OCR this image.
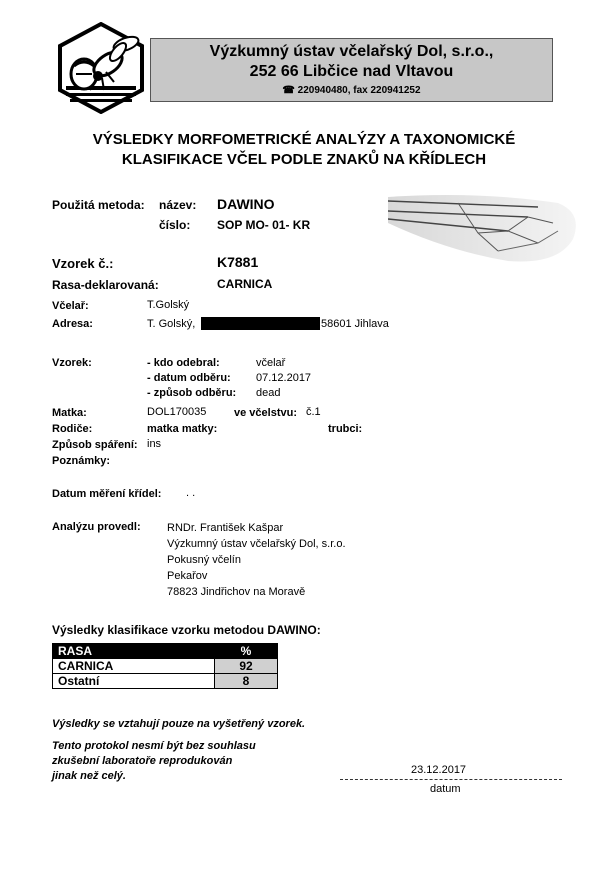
Výzkumný ústav včelařský Dol, s.r.o.,
252 66 Libčice nad Vltavou
☎ 220940480, fax 220941252
VÝSLEDKY MORFOMETRICKÉ ANALÝZY A TAXONOMICKÉ
KLASIFIKACE VČEL PODLE ZNAKŮ NA KŘÍDLECH
Použitá metoda: název: DAWINO
číslo: SOP MO- 01- KR
Vzorek č.:	K7881
Rasa-deklarovaná:	CARNICA
Včelař:	T.Golský
Adresa:	T. Golský,	58601 Jihlava
Vzorek:	- kdo odebral:	včelař
- datum odběru: 07.12.2017
- způsob odběru: dead
Matka:	DOL170035	ve včelstvu: č.1
Rodiče:	matka matky:	trubci:
Způsob spáření: ins
Poznámky:
Datum měření křídel: . .
Analýzu provedl: RNDr. František Kašpar
Výzkumný ústav včelařský Dol, s.r.o.
Pokusný včelín
Pekařov
78823 Jindřichov na Moravě
Výsledky klasifikace vzorku metodou DAWINO:
RASA	%
CARNICA	92
Ostatní	8
Výsledky se vztahují pouze na vyšetřený vzorek.
Tento protokol nesmí být bez souhlasu
zkušební laboratoře reprodukován
jinak než celý.	23.12.2017
datum
